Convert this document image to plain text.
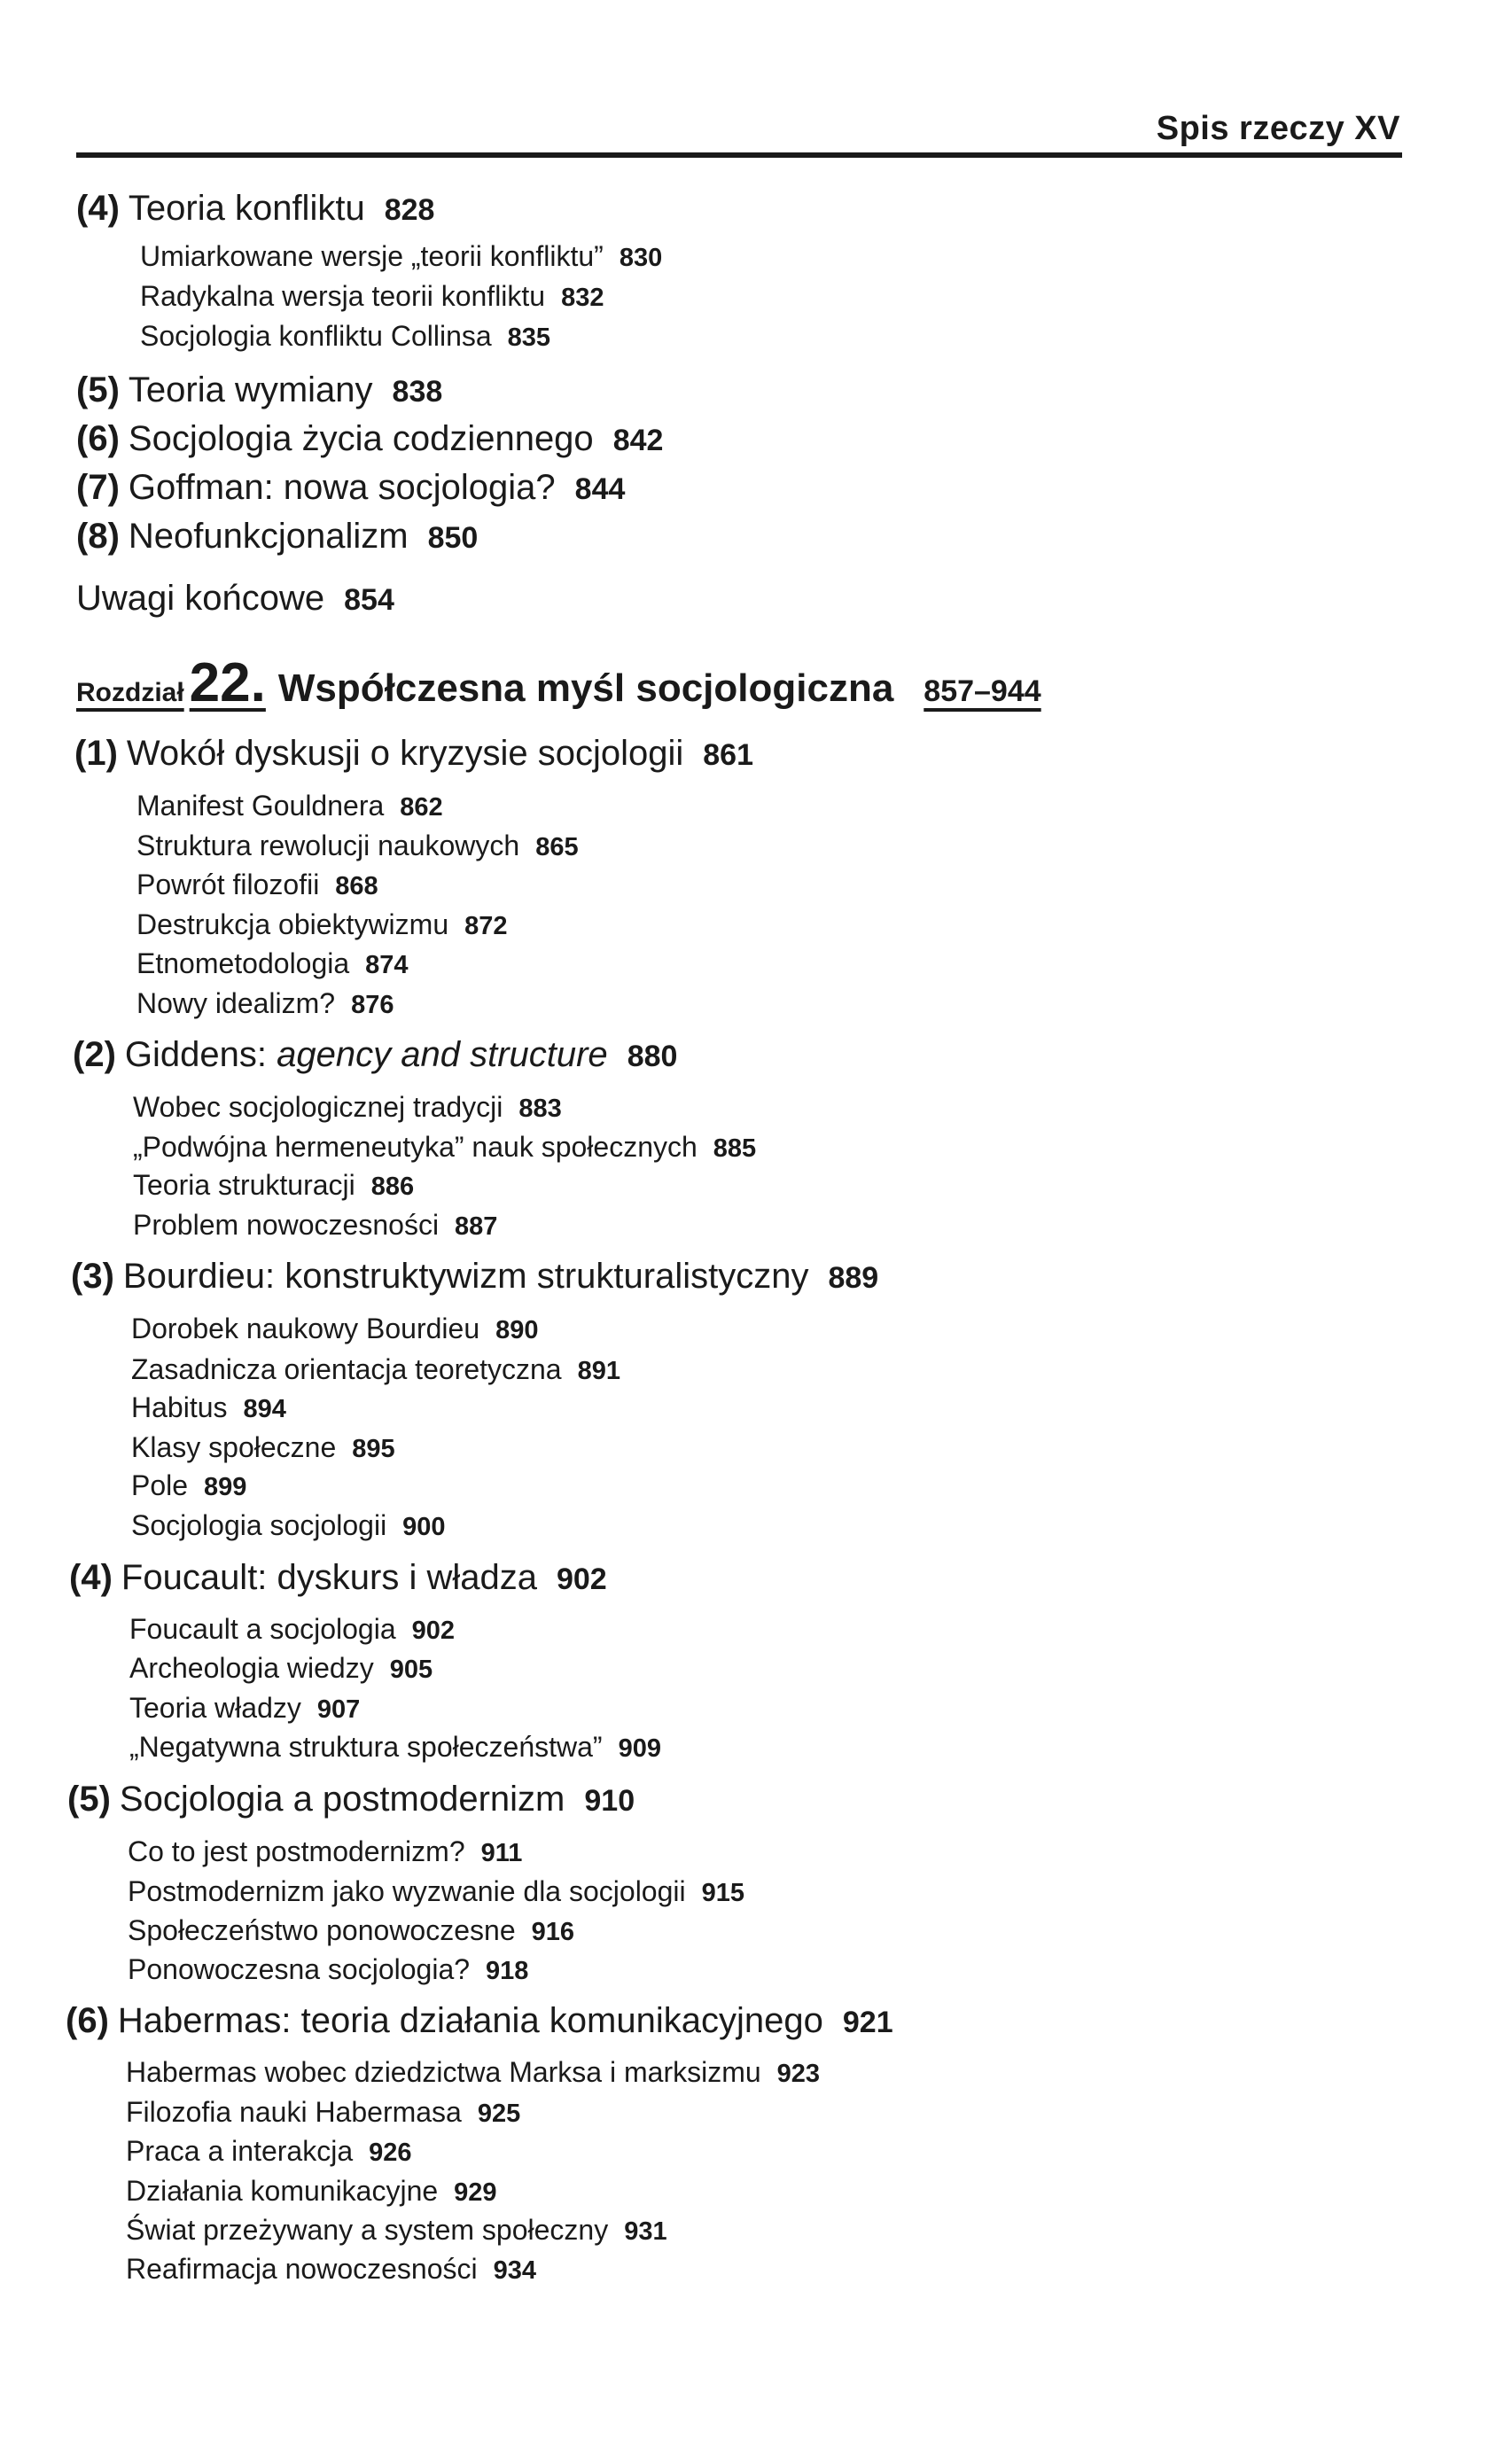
Spis rzeczy XV
Rozdział22. Współczesna myśl socjologiczna 857–944
(4) Teoria konfliktu 828
Umiarkowane wersje „teorii konfliktu” 830
Radykalna wersja teorii konfliktu 832
Socjologia konfliktu Collinsa 835
(5) Teoria wymiany 838
(6) Socjologia życia codziennego 842
(7) Goffman: nowa socjologia? 844
(8) Neofunkcjonalizm 850
Uwagi końcowe 854
(1) Wokół dyskusji o kryzysie socjologii 861
Manifest Gouldnera 862
Struktura rewolucji naukowych 865
Powrót filozofii 868
Destrukcja obiektywizmu 872
Etnometodologia 874
Nowy idealizm? 876
(2) Giddens: agency and structure 880
Wobec socjologicznej tradycji 883
„Podwójna hermeneutyka” nauk społecznych 885
Teoria strukturacji 886
Problem nowoczesności 887
(3) Bourdieu: konstruktywizm strukturalistyczny 889
Dorobek naukowy Bourdieu 890
Zasadnicza orientacja teoretyczna 891
Habitus 894
Klasy społeczne 895
Pole 899
Socjologia socjologii 900
(4) Foucault: dyskurs i władza 902
Foucault a socjologia 902
Archeologia wiedzy 905
Teoria władzy 907
„Negatywna struktura społeczeństwa” 909
(5) Socjologia a postmodernizm 910
Co to jest postmodernizm? 911
Postmodernizm jako wyzwanie dla socjologii 915
Społeczeństwo ponowoczesne 916
Ponowoczesna socjologia? 918
(6) Habermas: teoria działania komunikacyjnego 921
Habermas wobec dziedzictwa Marksa i marksizmu 923
Filozofia nauki Habermasa 925
Praca a interakcja 926
Działania komunikacyjne 929
Świat przeżywany a system społeczny 931
Reafirmacja nowoczesności 934
